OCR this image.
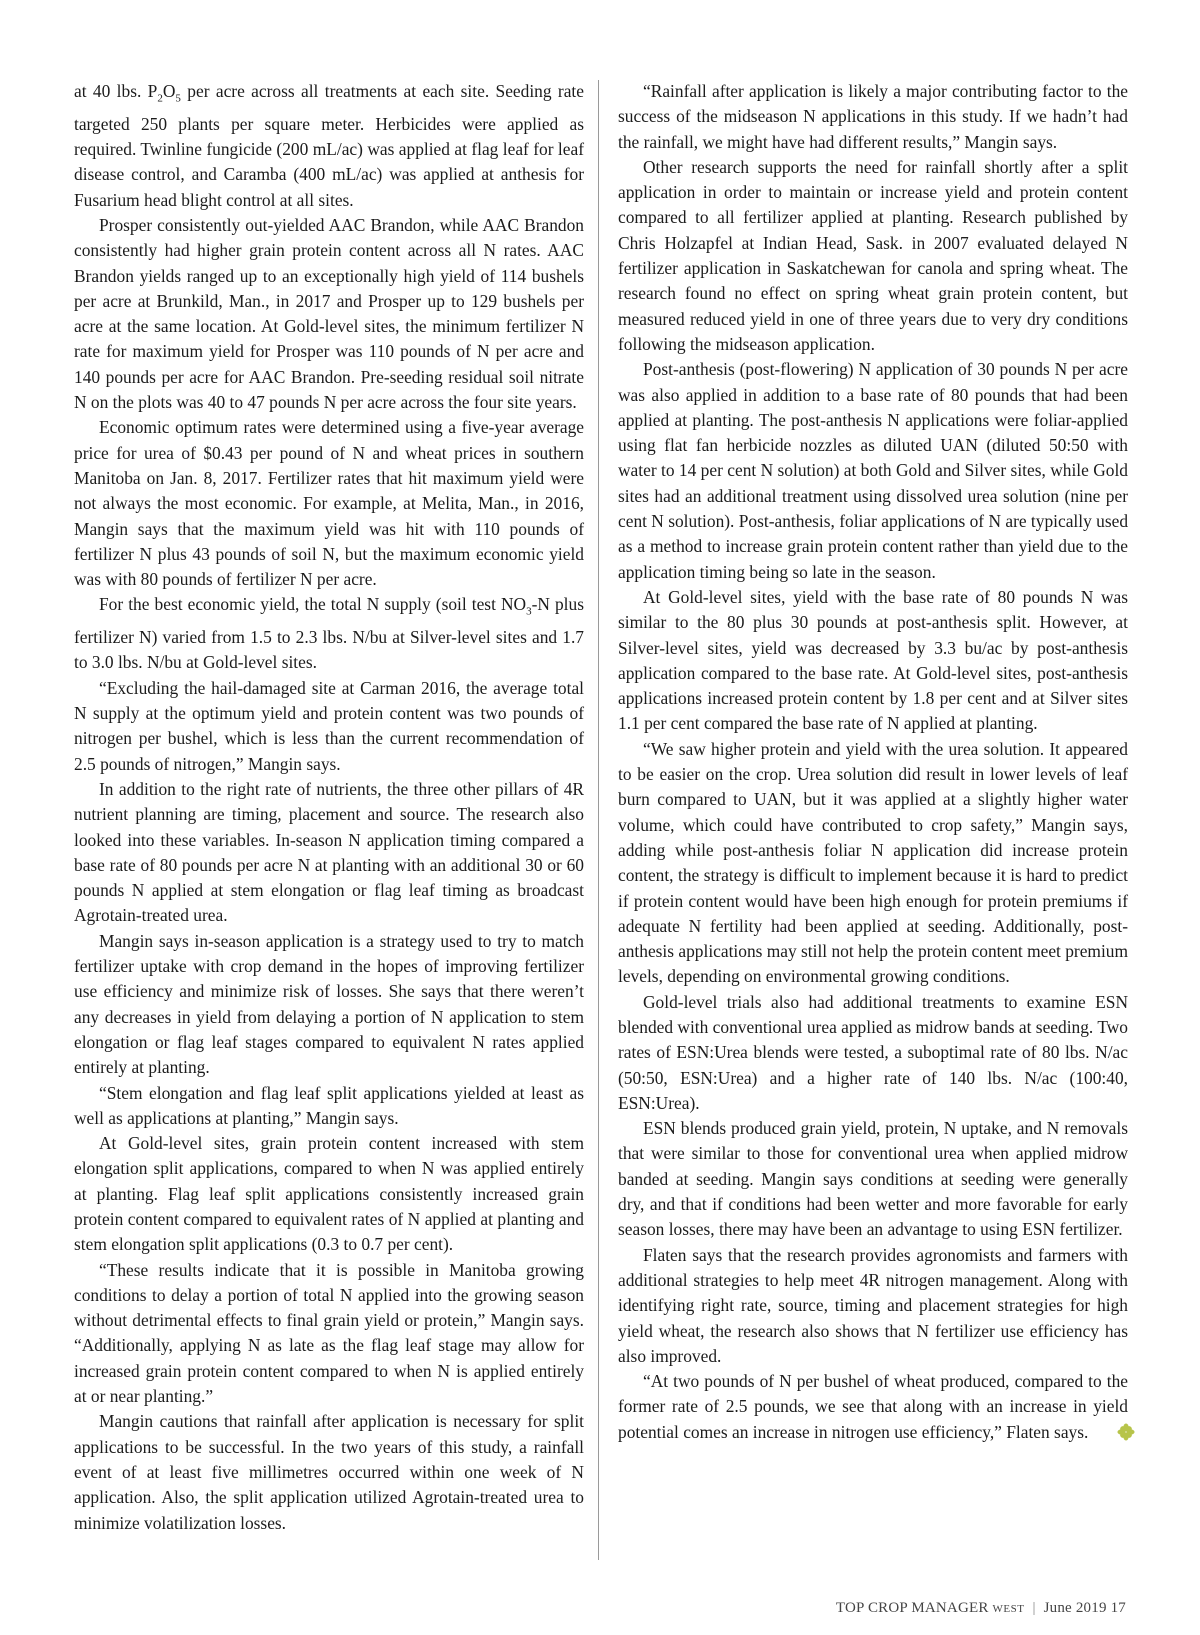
at 40 lbs. $P_2O_5$ per acre across all treatments at each site. Seeding rate targeted 250 plants per square meter. Herbicides were applied as required. Twinline fungicide (200 mL/ac) was applied at flag leaf for leaf disease control, and Caramba (400 mL/ac) was applied at anthesis for Fusarium head blight control at all sites.

Prosper consistently out-yielded AAC Brandon, while AAC Brandon consistently had higher grain protein content across all N rates. AAC Brandon yields ranged up to an exceptionally high yield of 114 bushels per acre at Brunkild, Man., in 2017 and Prosper up to 129 bushels per acre at the same location. At Gold-level sites, the minimum fertilizer N rate for maximum yield for Prosper was 110 pounds of N per acre and 140 pounds per acre for AAC Brandon. Pre-seeding residual soil nitrate N on the plots was 40 to 47 pounds N per acre across the four site years.

Economic optimum rates were determined using a five-year average price for urea of $0.43 per pound of N and wheat prices in southern Manitoba on Jan. 8, 2017. Fertilizer rates that hit maximum yield were not always the most economic. For example, at Melita, Man., in 2016, Mangin says that the maximum yield was hit with 110 pounds of fertilizer N plus 43 pounds of soil N, but the maximum economic yield was with 80 pounds of fertilizer N per acre.

For the best economic yield, the total N supply (soil test $NO_3-N$ plus fertilizer N) varied from 1.5 to 2.3 lbs. N/bu at Silver-level sites and 1.7 to 3.0 lbs. N/bu at Gold-level sites.

“Excluding the hail-damaged site at Carman 2016, the average total N supply at the optimum yield and protein content was two pounds of nitrogen per bushel, which is less than the current recommendation of 2.5 pounds of nitrogen,” Mangin says.

In addition to the right rate of nutrients, the three other pillars of 4R nutrient planning are timing, placement and source. The research also looked into these variables. In-season N application timing compared a base rate of 80 pounds per acre N at planting with an additional 30 or 60 pounds N applied at stem elongation or flag leaf timing as broadcast Agrotain-treated urea.

Mangin says in-season application is a strategy used to try to match fertilizer uptake with crop demand in the hopes of improving fertilizer use efficiency and minimize risk of losses. She says that there weren’t any decreases in yield from delaying a portion of N application to stem elongation or flag leaf stages compared to equivalent N rates applied entirely at planting.

“Stem elongation and flag leaf split applications yielded at least as well as applications at planting,” Mangin says.

At Gold-level sites, grain protein content increased with stem elongation split applications, compared to when N was applied entirely at planting. Flag leaf split applications consistently increased grain protein content compared to equivalent rates of N applied at planting and stem elongation split applications (0.3 to 0.7 per cent).

“These results indicate that it is possible in Manitoba growing conditions to delay a portion of total N applied into the growing season without detrimental effects to final grain yield or protein,” Mangin says. “Additionally, applying N as late as the flag leaf stage may allow for increased grain protein content compared to when N is applied entirely at or near planting.”

Mangin cautions that rainfall after application is necessary for split applications to be successful. In the two years of this study, a rainfall event of at least five millimetres occurred within one week of N application. Also, the split application utilized Agrotain-treated urea to minimize volatilization losses.

“Rainfall after application is likely a major contributing factor to the success of the midseason N applications in this study. If we hadn’t had the rainfall, we might have had different results,” Mangin says.

Other research supports the need for rainfall shortly after a split application in order to maintain or increase yield and protein content compared to all fertilizer applied at planting. Research published by Chris Holzapfel at Indian Head, Sask. in 2007 evaluated delayed N fertilizer application in Saskatchewan for canola and spring wheat. The research found no effect on spring wheat grain protein content, but measured reduced yield in one of three years due to very dry conditions following the midseason application.

Post-anthesis (post-flowering) N application of 30 pounds N per acre was also applied in addition to a base rate of 80 pounds that had been applied at planting. The post-anthesis N applications were foliar-applied using flat fan herbicide nozzles as diluted UAN (diluted 50:50 with water to 14 per cent N solution) at both Gold and Silver sites, while Gold sites had an additional treatment using dissolved urea solution (nine per cent N solution). Post-anthesis, foliar applications of N are typically used as a method to increase grain protein content rather than yield due to the application timing being so late in the season.

At Gold-level sites, yield with the base rate of 80 pounds N was similar to the 80 plus 30 pounds at post-anthesis split. However, at Silver-level sites, yield was decreased by 3.3 bu/ac by post-anthesis application compared to the base rate. At Gold-level sites, post-anthesis applications increased protein content by 1.8 per cent and at Silver sites 1.1 per cent compared the base rate of N applied at planting.

“We saw higher protein and yield with the urea solution. It appeared to be easier on the crop. Urea solution did result in lower levels of leaf burn compared to UAN, but it was applied at a slightly higher water volume, which could have contributed to crop safety,” Mangin says, adding while post-anthesis foliar N application did increase protein content, the strategy is difficult to implement because it is hard to predict if protein content would have been high enough for protein premiums if adequate N fertility had been applied at seeding. Additionally, post-anthesis applications may still not help the protein content meet premium levels, depending on environmental growing conditions.

Gold-level trials also had additional treatments to examine ESN blended with conventional urea applied as midrow bands at seeding. Two rates of ESN:Urea blends were tested, a suboptimal rate of 80 lbs. N/ac (50:50, ESN:Urea) and a higher rate of 140 lbs. N/ac (100:40, ESN:Urea).

ESN blends produced grain yield, protein, N uptake, and N removals that were similar to those for conventional urea when applied midrow banded at seeding. Mangin says conditions at seeding were generally dry, and that if conditions had been wetter and more favorable for early season losses, there may have been an advantage to using ESN fertilizer.

Flaten says that the research provides agronomists and farmers with additional strategies to help meet 4R nitrogen management. Along with identifying right rate, source, timing and placement strategies for high yield wheat, the research also shows that N fertilizer use efficiency has also improved.

“At two pounds of N per bushel of wheat produced, compared to the former rate of 2.5 pounds, we see that along with an increase in yield potential comes an increase in nitrogen use efficiency,” Flaten says.

TOP CROP MANAGER WEST | June 2019 17
